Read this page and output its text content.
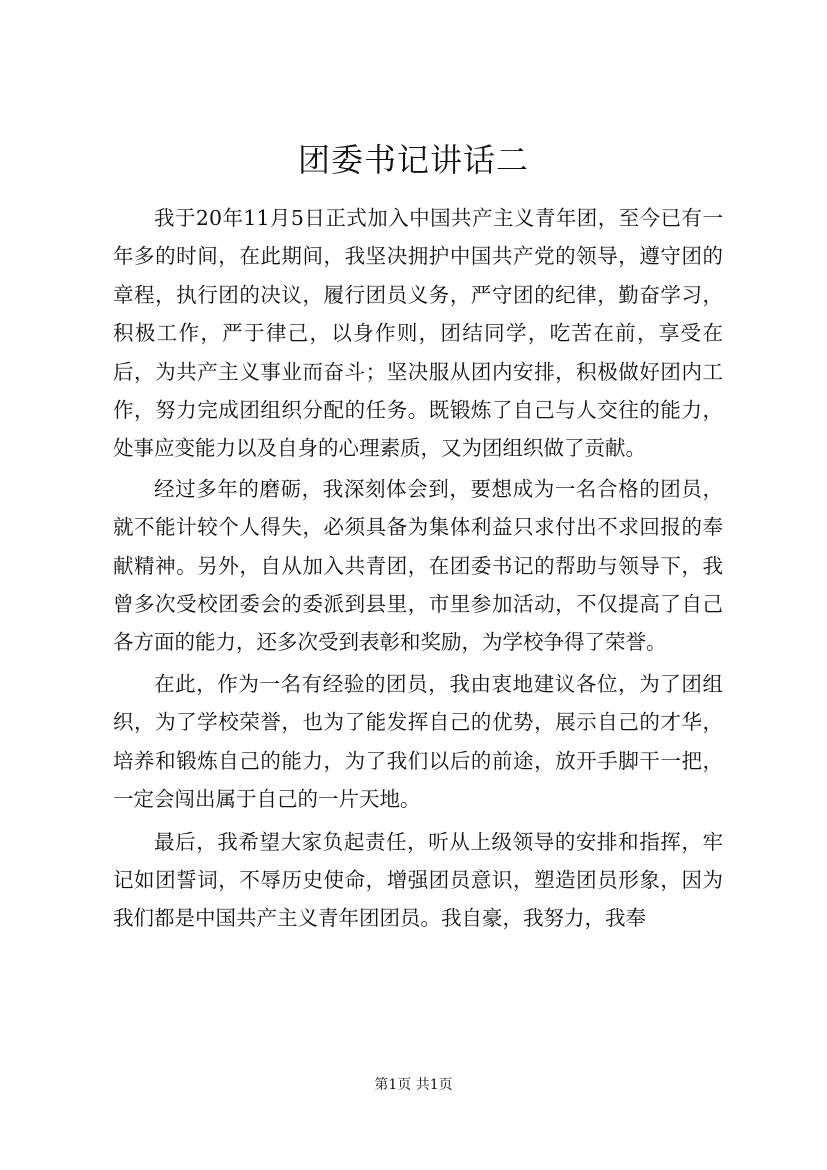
团委书记讲话二

我于20年11月5日正式加入中国共产主义青年团，至今已有一年多的时间，在此期间，我坚决拥护中国共产党的领导，遵守团的章程，执行团的决议，履行团员义务，严守团的纪律，勤奋学习，积极工作，严于律己，以身作则，团结同学，吃苦在前，享受在后，为共产主义事业而奋斗；坚决服从团内安排，积极做好团内工作，努力完成团组织分配的任务。既锻炼了自己与人交往的能力，处事应变能力以及自身的心理素质，又为团组织做了贡献。

经过多年的磨砺，我深刻体会到，要想成为一名合格的团员，就不能计较个人得失，必须具备为集体利益只求付出不求回报的奉献精神。另外，自从加入共青团，在团委书记的帮助与领导下，我曾多次受校团委会的委派到县里，市里参加活动，不仅提高了自己各方面的能力，还多次受到表彰和奖励，为学校争得了荣誉。

在此，作为一名有经验的团员，我由衷地建议各位，为了团组织，为了学校荣誉，也为了能发挥自己的优势，展示自己的才华，培养和锻炼自己的能力，为了我们以后的前途，放开手脚干一把，一定会闯出属于自己的一片天地。

最后，我希望大家负起责任，听从上级领导的安排和指挥，牢记如团誓词，不辱历史使命，增强团员意识，塑造团员形象，因为我们都是中国共产主义青年团团员。我自豪，我努力，我奉

第1页 共1页
